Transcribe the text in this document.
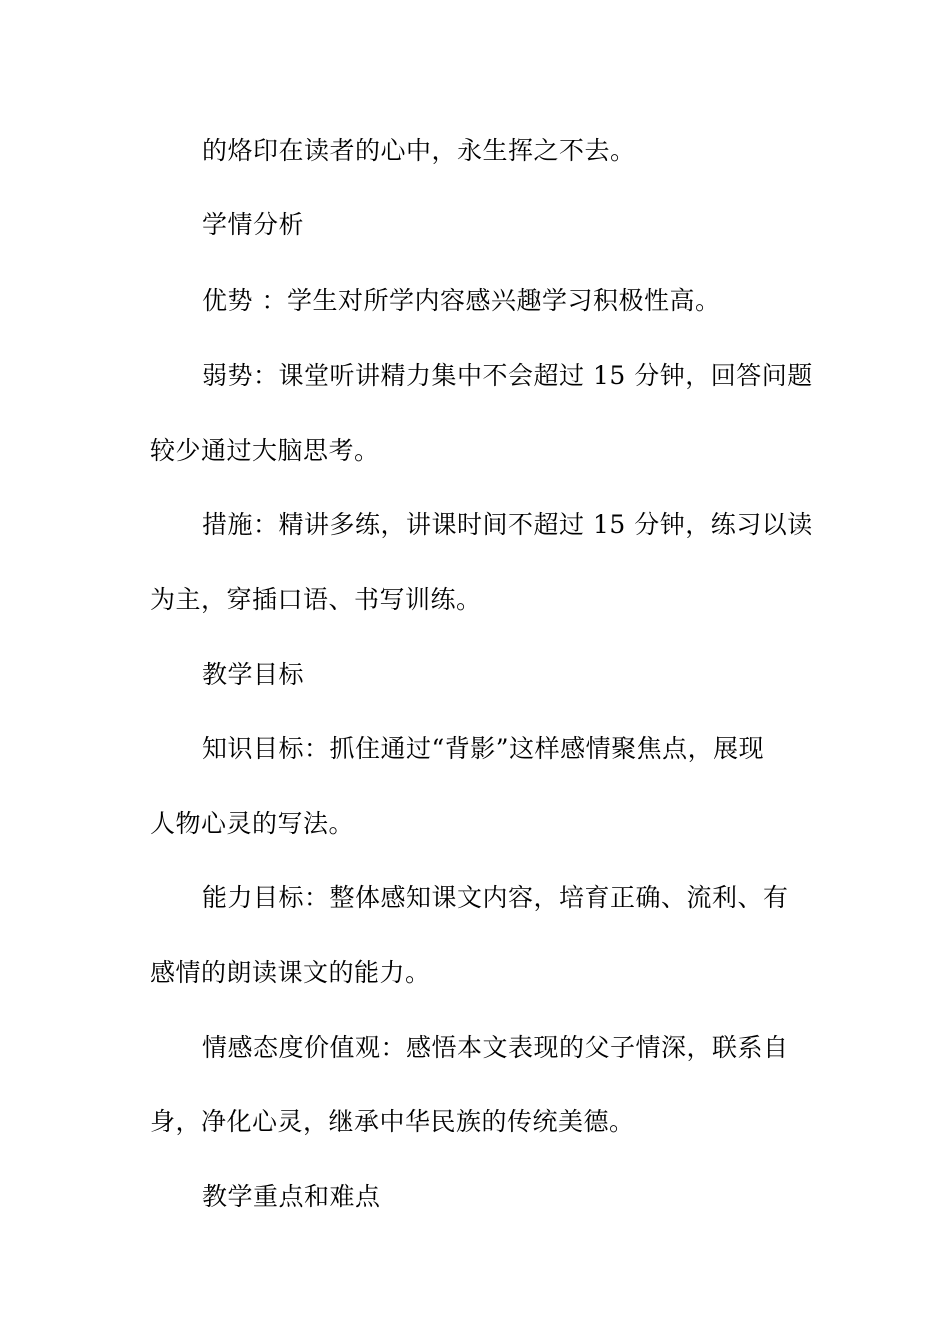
的烙印在读者的心中，永生挥之不去。
学情分析
优势 ：学生对所学内容感兴趣学习积极性高。
弱势：课堂听讲精力集中不会超过 15 分钟，回答问题
较少通过大脑思考。
措施：精讲多练，讲课时间不超过 15 分钟，练习以读
为主，穿插口语、书写训练。
教学目标
知识目标：抓住通过“背影”这样感情聚焦点，展现
人物心灵的写法。
能力目标：整体感知课文内容，培育正确、流利、有
感情的朗读课文的能力。
情感态度价值观：感悟本文表现的父子情深，联系自
身，净化心灵，继承中华民族的传统美德。
教学重点和难点
